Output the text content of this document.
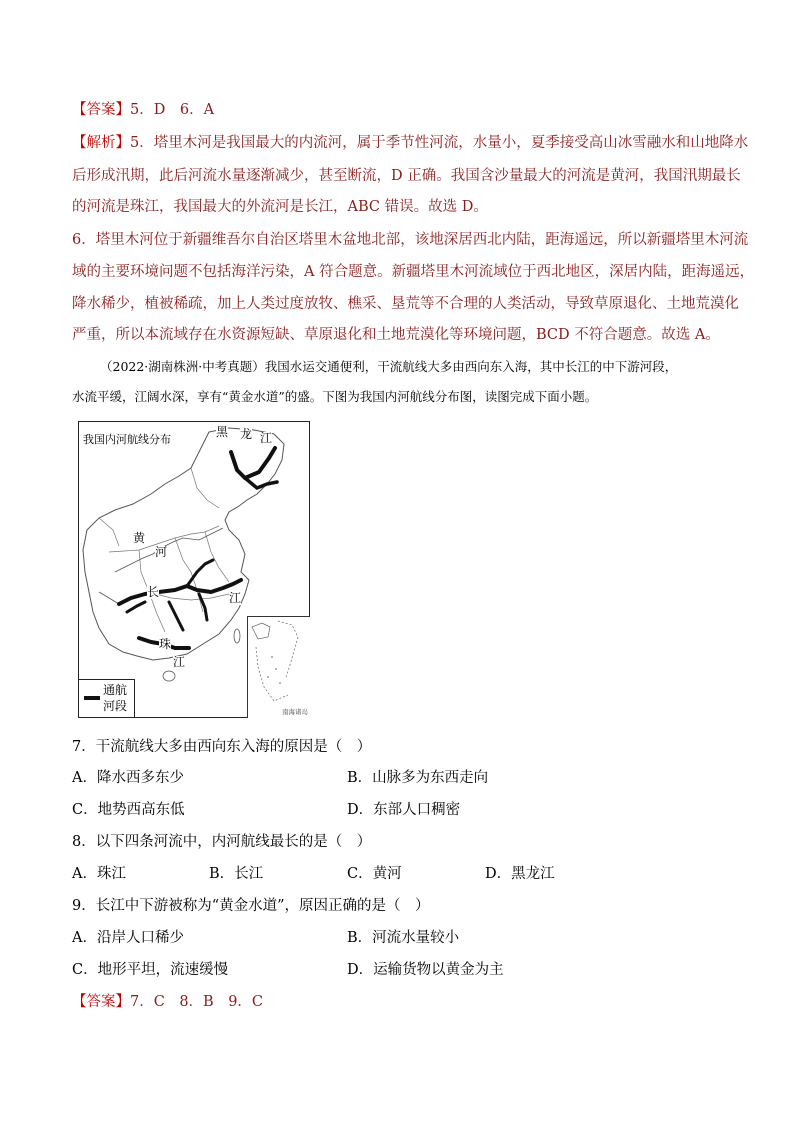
【答案】5．D　6．A
【解析】5．塔里木河是我国最大的内流河，属于季节性河流，水量小，夏季接受高山冰雪融水和山地降水
后形成汛期，此后河流水量逐渐减少，甚至断流，D 正确。我国含沙量最大的河流是黄河，我国汛期最长
的河流是珠江，我国最大的外流河是长江，ABC 错误。故选 D。
6．塔里木河位于新疆维吾尔自治区塔里木盆地北部，该地深居西北内陆，距海遥远，所以新疆塔里木河流
域的主要环境问题不包括海洋污染，A 符合题意。新疆塔里木河流域位于西北地区，深居内陆，距海遥远，
降水稀少，植被稀疏，加上人类过度放牧、樵采、垦荒等不合理的人类活动，导致草原退化、土地荒漠化
严重，所以本流域存在水资源短缺、草原退化和土地荒漠化等环境问题，BCD 不符合题意。故选 A。
（2022·湖南株洲·中考真题）我国水运交通便利，干流航线大多由西向东入海，其中长江的中下游河段，
水流平缓，江阔水深，享有“黄金水道”的盛。下图为我国内河航线分布图，读图完成下面小题。
我国内河航线分布
黑 龙 江
黄
河
长	江
珠
江
南海诸岛
通航
河段
7．干流航线大多由西向东入海的原因是（　）
A．降水西多东少	B．山脉多为东西走向
C．地势西高东低	D．东部人口稠密
8．以下四条河流中，内河航线最长的是（　）
A．珠江	B．长江	C．黄河	D．黑龙江
9．长江中下游被称为“黄金水道”，原因正确的是（　）
A．沿岸人口稀少	B．河流水量较小
C．地形平坦，流速缓慢	D．运输货物以黄金为主
【答案】7．C　8．B　9．C
